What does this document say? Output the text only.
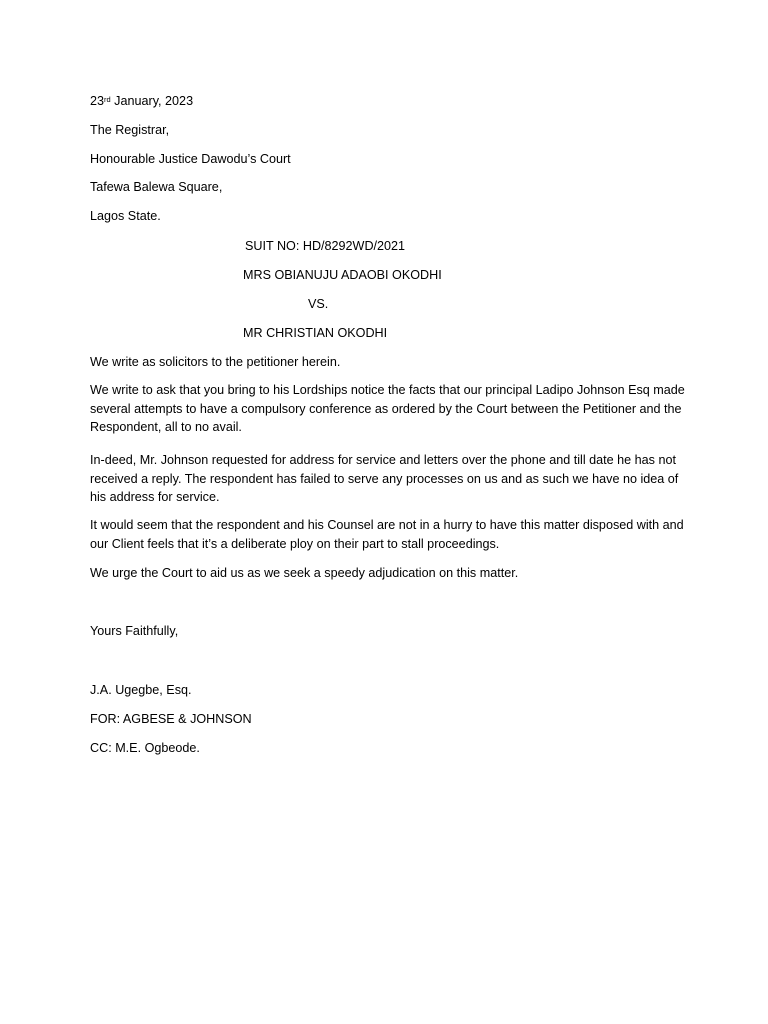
23rd January, 2023
The Registrar,
Honourable Justice Dawodu’s Court
Tafewa Balewa Square,
Lagos State.
SUIT NO: HD/8292WD/2021
MRS OBIANUJU ADAOBI OKODHI
VS.
MR CHRISTIAN OKODHI
We write as solicitors to the petitioner herein.
We write to ask that you bring to his Lordships notice the facts that our principal Ladipo Johnson Esq made several attempts to have a compulsory conference as ordered by the Court between the Petitioner and the Respondent, all to no avail.
In-deed, Mr. Johnson requested for address for service and letters over the phone and till date he has not received a reply. The respondent has failed to serve any processes on us and as such we have no idea of his address for service.
It would seem that the respondent and his Counsel are not in a hurry to have this matter disposed with and our Client feels that it’s a deliberate ploy on their part to stall proceedings.
We urge the Court to aid us as we seek a speedy adjudication on this matter.
Yours Faithfully,
J.A. Ugegbe, Esq.
FOR: AGBESE & JOHNSON
CC: M.E. Ogbeode.
